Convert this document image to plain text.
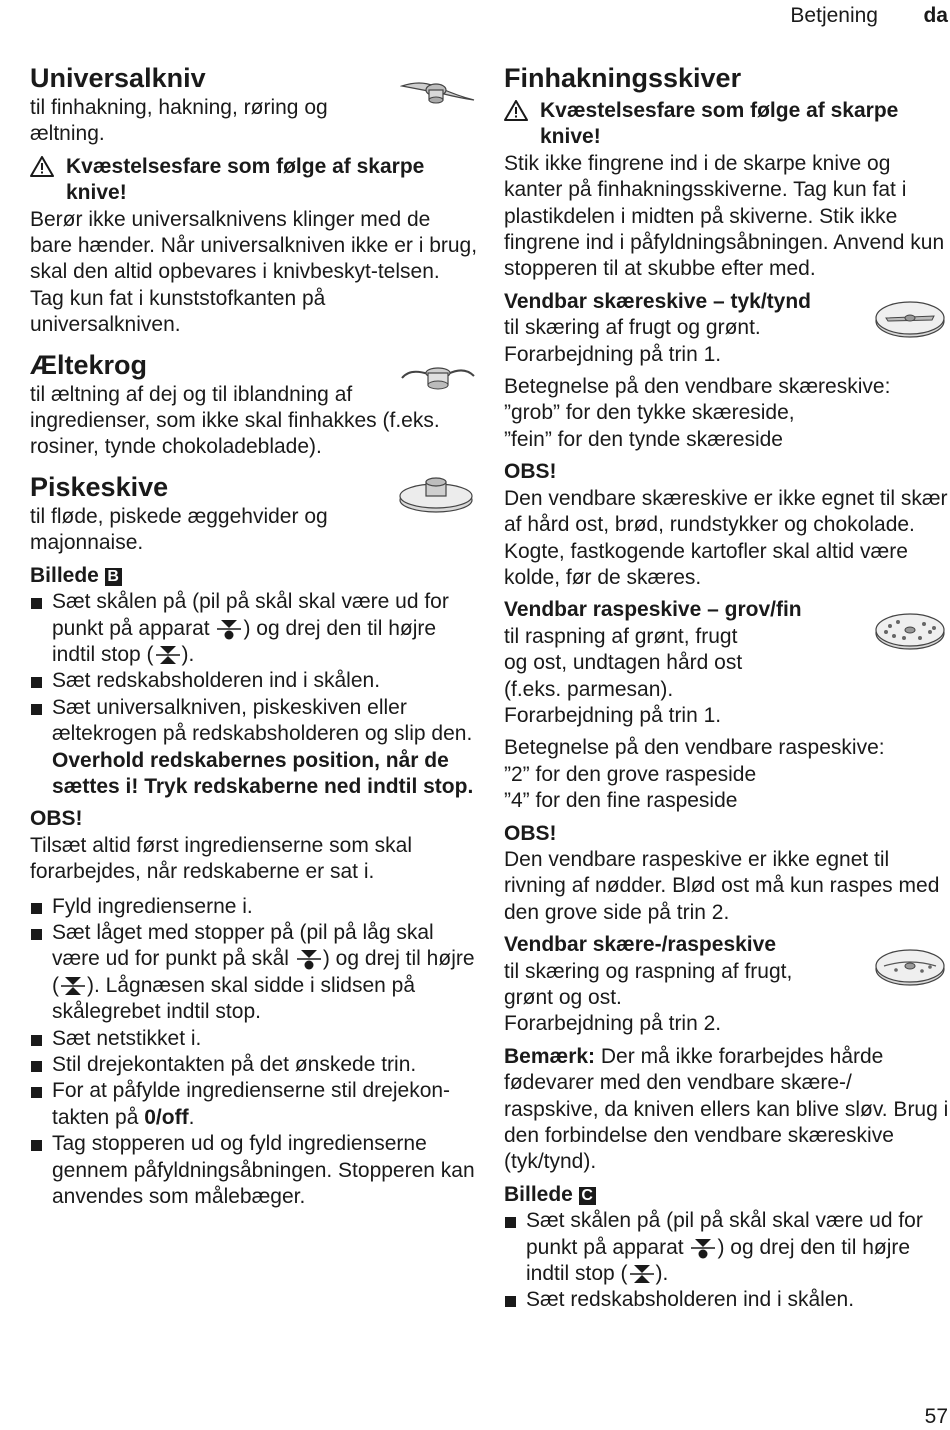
Betjening da
Universalkniv
til finhakning, hakning, røring og æltning.
Kvæstelsesfare som følge af skarpe knive!
Berør ikke universalknivens klinger med de bare hænder. Når universalkniven ikke er i brug, skal den altid opbevares i knivbeskyt-telsen. Tag kun fat i kunststofkanten på universalkniven.
Æltekrog
til æltning af dej og til iblandning af ingredienser, som ikke skal finhakkes (f.eks. rosiner, tynde chokoladeblade).
Piskeskive
til fløde, piskede æggehvider og majonnaise.
Billede B
Sæt skålen på (pil på skål skal være ud for punkt på apparat ) og drej den til højre indtil stop ( ).
Sæt redskabsholderen ind i skålen.
Sæt universalkniven, piskeskiven eller æltekrogen på redskabsholderen og slip den.
Overhold redskabernes position, når de sættes i! Tryk redskaberne ned indtil stop.
OBS!
Tilsæt altid først ingredienserne som skal forarbejdes, når redskaberne er sat i.
Fyld ingredienserne i.
Sæt låget med stopper på (pil på låg skal være ud for punkt på skål ) og drej til højre ( ). Lågnæsen skal sidde i slidsen på skålegrebet indtil stop.
Sæt netstikket i.
Stil drejekontakten på det ønskede trin.
For at påfylde ingredienserne stil drejekon-takten på 0/off.
Tag stopperen ud og fyld ingredienserne gennem påfyldningsåbningen. Stopperen kan anvendes som målebæger.
Finhakningsskiver
Kvæstelsesfare som følge af skarpe knive!
Stik ikke fingrene ind i de skarpe knive og kanter på finhakningsskiverne. Tag kun fat i plastikdelen i midten på skiverne. Stik ikke fingrene ind i påfyldningsåbningen. Anvend kun stopperen til at skubbe efter med.
Vendbar skæreskive – tyk/tynd
til skæring af frugt og grønt.
Forarbejdning på trin 1.
Betegnelse på den vendbare skæreskive:
”grob” for den tykke skæreside,
”fein” for den tynde skæreside
OBS!
Den vendbare skæreskive er ikke egnet til skær af hård ost, brød, rundstykker og chokolade. Kogte, fastkogende kartofler skal altid være kolde, før de skæres.
Vendbar raspeskive – grov/fin
til raspning af grønt, frugt
og ost, undtagen hård ost
(f.eks. parmesan).
Forarbejdning på trin 1.
Betegnelse på den vendbare raspeskive:
”2” for den grove raspeside
”4” for den fine raspeside
OBS!
Den vendbare raspeskive er ikke egnet til rivning af nødder. Blød ost må kun raspes med den grove side på trin 2.
Vendbar skære-/raspeskive
til skæring og raspning af frugt,
grønt og ost.
Forarbejdning på trin 2.
Bemærk: Der må ikke forarbejdes hårde fødevarer med den vendbare skære-/ raspskive, da kniven ellers kan blive sløv. Brug i den forbindelse den vendbare skæreskive (tyk/tynd).
Billede C
Sæt skålen på (pil på skål skal være ud for punkt på apparat ) og drej den til højre indtil stop ( ).
Sæt redskabsholderen ind i skålen.
57
